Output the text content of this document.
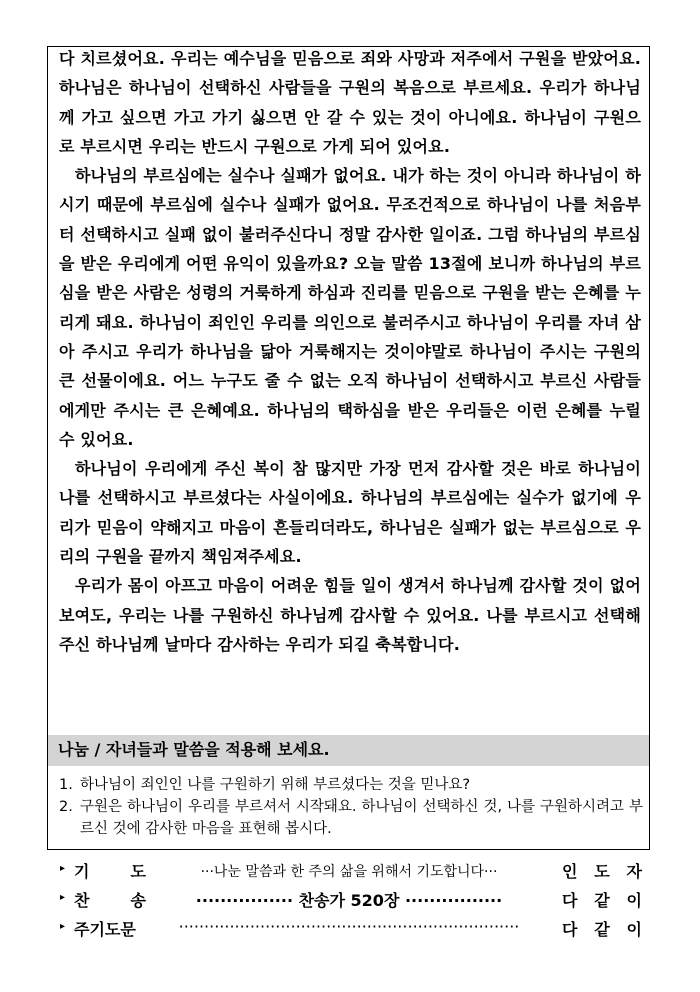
다 치르셨어요. 우리는 예수님을 믿음으로 죄와 사망과 저주에서 구원을 받았어요. 하나님은 하나님이 선택하신 사람들을 구원의 복음으로 부르세요. 우리가 하나님께 가고 싶으면 가고 가기 싫으면 안 갈 수 있는 것이 아니에요. 하나님이 구원으로 부르시면 우리는 반드시 구원으로 가게 되어 있어요.

하나님의 부르심에는 실수나 실패가 없어요. 내가 하는 것이 아니라 하나님이 하시기 때문에 부르심에 실수나 실패가 없어요. 무조건적으로 하나님이 나를 처음부터 선택하시고 실패 없이 불러주신다니 정말 감사한 일이죠. 그럼 하나님의 부르심을 받은 우리에게 어떤 유익이 있을까요? 오늘 말씀 13절에 보니까 하나님의 부르심을 받은 사람은 성령의 거룩하게 하심과 진리를 믿음으로 구원을 받는 은혜를 누리게 돼요. 하나님이 죄인인 우리를 의인으로 불러주시고 하나님이 우리를 자녀 삼아 주시고 우리가 하나님을 닮아 거룩해지는 것이야말로 하나님이 주시는 구원의 큰 선물이에요. 어느 누구도 줄 수 없는 오직 하나님이 선택하시고 부르신 사람들에게만 주시는 큰 은혜예요. 하나님의 택하심을 받은 우리들은 이런 은혜를 누릴 수 있어요.

하나님이 우리에게 주신 복이 참 많지만 가장 먼저 감사할 것은 바로 하나님이 나를 선택하시고 부르셨다는 사실이에요. 하나님의 부르심에는 실수가 없기에 우리가 믿음이 약해지고 마음이 흔들리더라도, 하나님은 실패가 없는 부르심으로 우리의 구원을 끝까지 책임져주세요.

우리가 몸이 아프고 마음이 어려운 힘들 일이 생겨서 하나님께 감사할 것이 없어 보여도, 우리는 나를 구원하신 하나님께 감사할 수 있어요. 나를 부르시고 선택해주신 하나님께 날마다 감사하는 우리가 되길 축복합니다.

나눔 / 자녀들과 말씀을 적용해 보세요.
1. 하나님이 죄인인 나를 구원하기 위해 부르셨다는 것을 믿나요?
2. 구원은 하나님이 우리를 부르셔서 시작돼요. 하나님이 선택하신 것, 나를 구원하시려고 부르신 것에 감사한 마음을 표현해 봅시다.
▸ 기	도	···나눈 말씀과 한 주의 삶을 위해서 기도합니다···	인 도 자
▸ 찬	송	················ 찬송가 520장 ················	다 같 이
▸ 주 기 도 문	···································································	다 같 이
